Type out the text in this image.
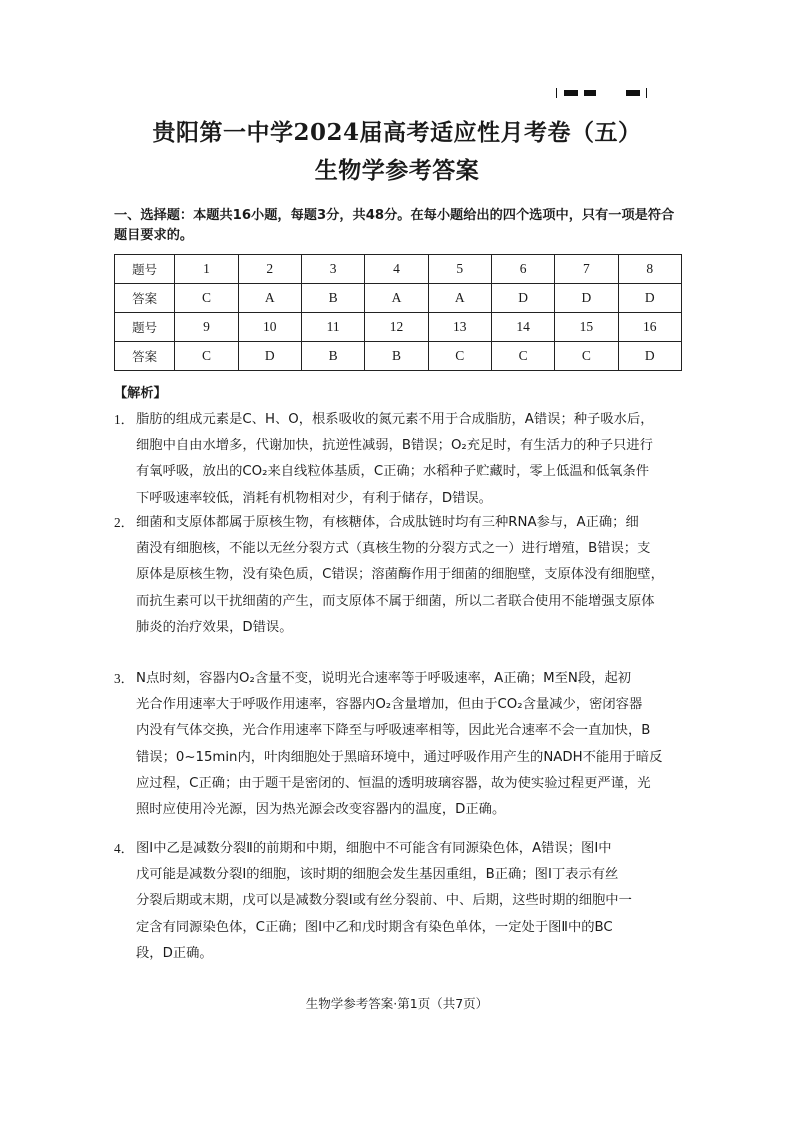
贵阳第一中学2024届高考适应性月考卷（五）
生物学参考答案
一、选择题：本题共16小题，每题3分，共48分。在每小题给出的四个选项中，只有一项是符合题目要求的。
题号	1	2	3	4	5	6	7	8
答案	C	A	B	A	A	D	D	D
题号	9	10	11	12	13	14	15	16
答案	C	D	B	B	C	C	C	D
【解析】
1． 脂肪的组成元素是C、H、O，根系吸收的氮元素不用于合成脂肪，A错误；种子吸水后，
细胞中自由水增多，代谢加快，抗逆性减弱，B错误；O₂充足时，有生活力的种子只进行
有氧呼吸，放出的CO₂来自线粒体基质，C正确；水稻种子贮藏时，零上低温和低氧条件
下呼吸速率较低，消耗有机物相对少，有利于储存，D错误。
2． 细菌和支原体都属于原核生物，有核糖体，合成肽链时均有三种RNA参与，A正确；细
菌没有细胞核，不能以无丝分裂方式（真核生物的分裂方式之一）进行增殖，B错误；支
原体是原核生物，没有染色质，C错误；溶菌酶作用于细菌的细胞壁，支原体没有细胞壁，
而抗生素可以干扰细菌的产生，而支原体不属于细菌，所以二者联合使用不能增强支原体
肺炎的治疗效果，D错误。
3． N点时刻，容器内O₂含量不变，说明光合速率等于呼吸速率，A正确；M至N段，起初
光合作用速率大于呼吸作用速率，容器内O₂含量增加，但由于CO₂含量减少，密闭容器
内没有气体交换，光合作用速率下降至与呼吸速率相等，因此光合速率不会一直加快，B
错误；0~15min内，叶肉细胞处于黑暗环境中，通过呼吸作用产生的NADH不能用于暗反
应过程，C正确；由于题干是密闭的、恒温的透明玻璃容器，故为使实验过程更严谨，光
照时应使用冷光源，因为热光源会改变容器内的温度，D正确。
4． 图Ⅰ中乙是减数分裂Ⅱ的前期和中期，细胞中不可能含有同源染色体，A错误；图Ⅰ中
戊可能是减数分裂Ⅰ的细胞，该时期的细胞会发生基因重组，B正确；图Ⅰ丁表示有丝
分裂后期或末期，戊可以是减数分裂Ⅰ或有丝分裂前、中、后期，这些时期的细胞中一
定含有同源染色体，C正确；图Ⅰ中乙和戊时期含有染色单体，一定处于图Ⅱ中的BC
段，D正确。
生物学参考答案·第1页（共7页）
